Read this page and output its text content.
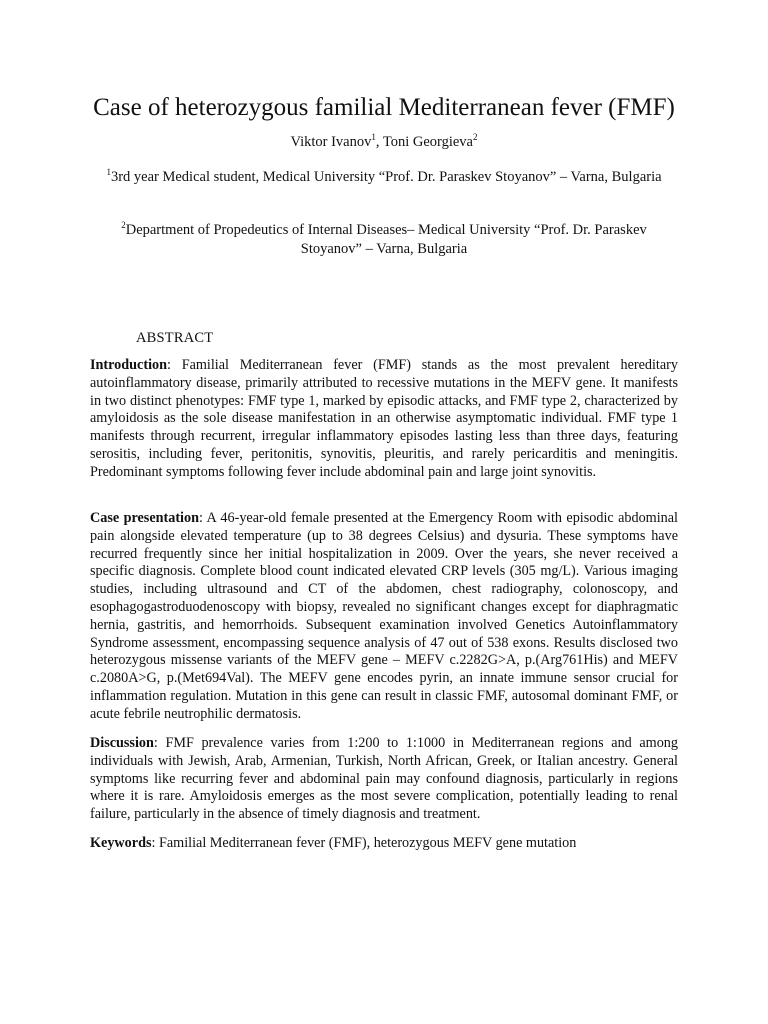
Case of heterozygous familial Mediterranean fever (FMF)
Viktor Ivanov$^1$, Toni Georgieva$^2$
$^1$3rd year Medical student, Medical University “Prof. Dr. Paraskev Stoyanov” – Varna, Bulgaria
$^2$Department of Propedeutics of Internal Diseases– Medical University “Prof. Dr. Paraskev Stoyanov” – Varna, Bulgaria
ABSTRACT

Introduction: Familial Mediterranean fever (FMF) stands as the most prevalent hereditary autoinflammatory disease, primarily attributed to recessive mutations in the MEFV gene. It manifests in two distinct phenotypes: FMF type 1, marked by episodic attacks, and FMF type 2, characterized by amyloidosis as the sole disease manifestation in an otherwise asymptomatic individual. FMF type 1 manifests through recurrent, irregular inflammatory episodes lasting less than three days, featuring serositis, including fever, peritonitis, synovitis, pleuritis, and rarely pericarditis and meningitis. Predominant symptoms following fever include abdominal pain and large joint synovitis.

Case presentation: A 46-year-old female presented at the Emergency Room with episodic abdominal pain alongside elevated temperature (up to 38 degrees Celsius) and dysuria. These symptoms have recurred frequently since her initial hospitalization in 2009. Over the years, she never received a specific diagnosis. Complete blood count indicated elevated CRP levels (305 mg/L). Various imaging studies, including ultrasound and CT of the abdomen, chest radiography, colonoscopy, and esophagogastroduodenoscopy with biopsy, revealed no significant changes except for diaphragmatic hernia, gastritis, and hemorrhoids. Subsequent examination involved Genetics Autoinflammatory Syndrome assessment, encompassing sequence analysis of 47 out of 538 exons. Results disclosed two heterozygous missense variants of the MEFV gene – MEFV c.2282G>A, p.(Arg761His) and MEFV c.2080A>G, p.(Met694Val). The MEFV gene encodes pyrin, an innate immune sensor crucial for inflammation regulation. Mutation in this gene can result in classic FMF, autosomal dominant FMF, or acute febrile neutrophilic dermatosis.

Discussion: FMF prevalence varies from 1:200 to 1:1000 in Mediterranean regions and among individuals with Jewish, Arab, Armenian, Turkish, North African, Greek, or Italian ancestry. General symptoms like recurring fever and abdominal pain may confound diagnosis, particularly in regions where it is rare. Amyloidosis emerges as the most severe complication, potentially leading to renal failure, particularly in the absence of timely diagnosis and treatment.

Keywords: Familial Mediterranean fever (FMF), heterozygous MEFV gene mutation
